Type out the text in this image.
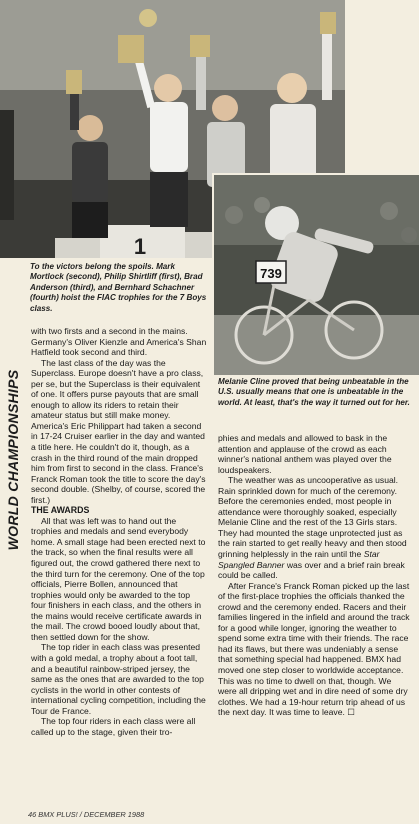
1
739
To the victors belong the spoils. Mark Mortlock (second), Philip Shirtliff (first), Brad Anderson (third), and Bernhard Schachner (fourth) hoist the FIAC trophies for the 7 Boys class.
Melanie Cline proved that being unbeatable in the U.S. usually means that one is unbeatable in the world. At least, that's the way it turned out for her.
WORLD CHAMPIONSHIPS

with two firsts and a second in the mains. Germany's Oliver Kienzle and America's Shan Hatfield took second and third.

The last class of the day was the Superclass. Europe doesn't have a pro class, per se, but the Superclass is their equivalent of one. It offers purse payouts that are small enough to allow its riders to retain their amateur status but still make money. America's Eric Philippart had taken a second in 17-24 Cruiser earlier in the day and wanted a title here. He couldn't do it, though, as a crash in the third round of the main dropped him from first to second in the class. France's Franck Roman took the title to score the day's second double. (Shelby, of course, scored the first.)

THE AWARDS

All that was left was to hand out the trophies and medals and send everybody home. A small stage had been erected next to the track, so when the final results were all figured out, the crowd gathered there next to the third turn for the ceremony. One of the top officials, Pierre Bollen, announced that trophies would only be awarded to the top four finishers in each class, and the others in the mains would receive certificate awards in the mail. The crowd booed loudly about that, then settled down for the show.

The top rider in each class was presented with a gold medal, a trophy about a foot tall, and a beautiful rainbow-striped jersey, the same as the ones that are awarded to the top cyclists in the world in other contests of international cycling competition, including the Tour de France.

The top four riders in each class were all called up to the stage, given their tro-

phies and medals and allowed to bask in the attention and applause of the crowd as each winner's national anthem was played over the loudspeakers.

The weather was as uncooperative as usual. Rain sprinkled down for much of the ceremony. Before the ceremonies ended, most people in attendance were thoroughly soaked, especially Melanie Cline and the rest of the 13 Girls stars. They had mounted the stage unprotected just as the rain started to get really heavy and then stood grinning helplessly in the rain until the Star Spangled Banner was over and a brief rain break could be called.

After France's Franck Roman picked up the last of the first-place trophies the officials thanked the crowd and the ceremony ended. Racers and their families lingered in the infield and around the track for a good while longer, ignoring the weather to spend some extra time with their friends. The race had its flaws, but there was undeniably a sense that something special had happened. BMX had moved one step closer to worldwide acceptance. This was no time to dwell on that, though. We were all dripping wet and in dire need of some dry clothes. We had a 19-hour return trip ahead of us the next day. It was time to leave. ☐

46 BMX PLUS! / DECEMBER 1988
